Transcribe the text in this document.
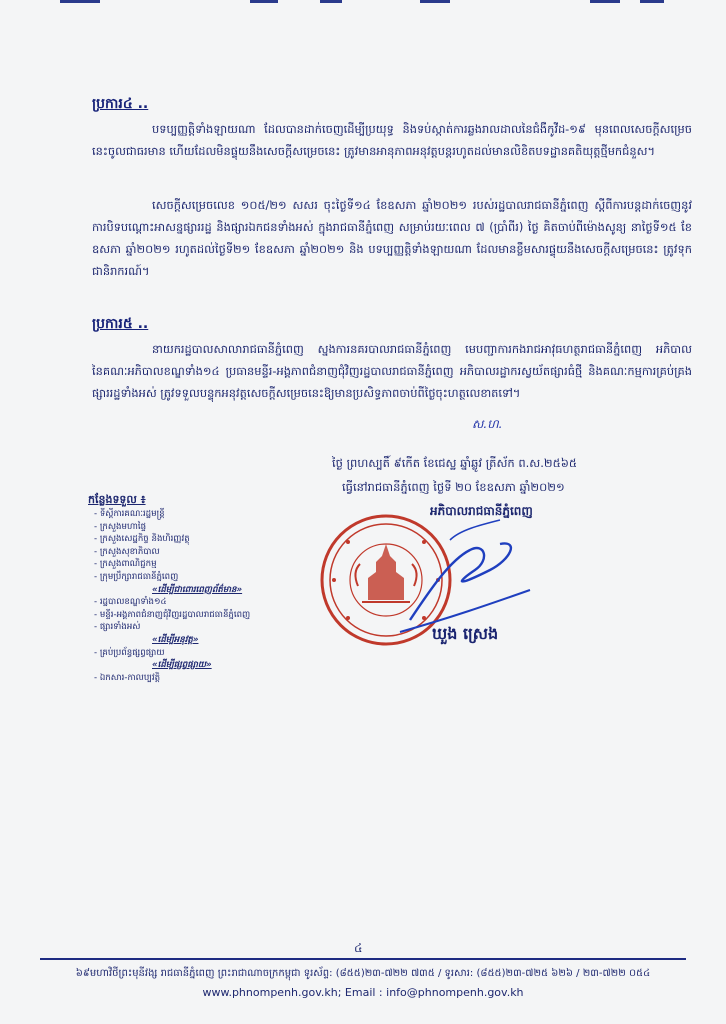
ប្រការ៤ ..
បទប្បញ្ញត្តិទាំងឡាយណា ដែលបានដាក់ចេញដើម្បីប្រយុទ្ធ និងទប់ស្កាត់ការឆ្លងរាលដាលនៃជំងឺកូវីដ-១៩ មុនពេលសេចក្តីសម្រេចនេះចូលជាធរមាន ហើយដែលមិនផ្ទុយនឹងសេចក្តីសម្រេចនេះ ត្រូវមានអានុភាពអនុវត្តបន្តរហូតដល់មានលិខិតបទដ្ឋានគតិយុត្តថ្មីមកជំនួស។
សេចក្តីសម្រេចលេខ ១០៥/២១ សសរ ចុះថ្ងៃទី១៤ ខែឧសភា ឆ្នាំ២០២១ របស់រដ្ឋបាលរាជធានីភ្នំពេញ ស្តីពីការបន្តដាក់ចេញនូវការបិទបណ្តោះអាសន្នផ្សាររដ្ឋ និងផ្សារឯកជនទាំងអស់ ក្នុងរាជធានីភ្នំពេញ សម្រាប់រយៈពេល ៧ (ប្រាំពីរ) ថ្ងៃ គិតចាប់ពីម៉ោងសូន្យ នាថ្ងៃទី១៥ ខែឧសភា ឆ្នាំ២០២១ រហូតដល់ថ្ងៃទី២១ ខែឧសភា ឆ្នាំ២០២១ និង បទប្បញ្ញត្តិទាំងឡាយណា ដែលមានខ្លឹមសារផ្ទុយនឹងសេចក្តីសម្រេចនេះ ត្រូវទុកជានិរាករណ៍។
ប្រការ៥ ..
នាយករដ្ឋបាលសាលារាជធានីភ្នំពេញ ស្នងការនគរបាលរាជធានីភ្នំពេញ មេបញ្ជាការកងរាជអាវុធហត្ថរាជធានីភ្នំពេញ អភិបាល នៃគណៈអភិបាលខណ្ឌទាំង១៤ ប្រធានមន្ទីរ-អង្គភាពជំនាញជុំវិញរដ្ឋបាលរាជធានីភ្នំពេញ អភិបាលរដ្ឋាករស្វយ័តផ្សារធំថ្មី និងគណៈកម្មការគ្រប់គ្រងផ្សាររដ្ឋទាំងអស់ ត្រូវទទួលបន្ទុកអនុវត្តសេចក្តីសម្រេចនេះឱ្យមានប្រសិទ្ធភាពចាប់ពីថ្ងៃចុះហត្ថលេខាតទៅ។
ស.ហ.
ថ្ងៃ ព្រហស្បតិ៍ ៩កើត ខែជេស្ឋ ឆ្នាំឆ្លូវ ត្រីស័ក ព.ស.២៥៦៥
ធ្វើនៅរាជធានីភ្នំពេញ ថ្ងៃទី ២០ ខែឧសភា ឆ្នាំ២០២១
អភិបាលរាជធានីភ្នំពេញ
កន្លែងទទួល ៖
- ទីស្តីការគណៈរដ្ឋមន្ត្រី
- ក្រសួងមហាផ្ទៃ
- ក្រសួងសេដ្ឋកិច្ច និងហិរញ្ញវត្ថុ
- ក្រសួងសុខាភិបាល
- ក្រសួងពាណិជ្ជកម្ម
- ក្រុមប្រឹក្សារាជធានីភ្នំពេញ
«ដើម្បីជាពោរពេញព័ត៌មាន»
- រដ្ឋបាលខណ្ឌទាំង១៤
- មន្ទីរ-អង្គភាពជំនាញជុំវិញរដ្ឋបាលរាជធានីភ្នំពេញ
- ផ្សារទាំងអស់
«ដើម្បីអនុវត្ត»
- គ្រប់ប្រព័ន្ធផ្សព្វផ្សាយ
«ដើម្បីផ្សព្វផ្សាយ»
- ឯកសារ-កាលប្បវត្តិ
ឃួង ស្រេង
៤
៦៩មហាវិថីព្រះមុនីវង្ស រាជធានីភ្នំពេញ ព្រះរាជាណាចក្រកម្ពុជា ទូរស័ព្ទ: (៨៥៥)២៣-៧២២ ៧៣៥ / ទូរសារ: (៨៥៥)២៣-៧២៥ ៦២៦ / ២៣-៧២២ ០៥៤
www.phnompenh.gov.kh; Email : info@phnompenh.gov.kh
